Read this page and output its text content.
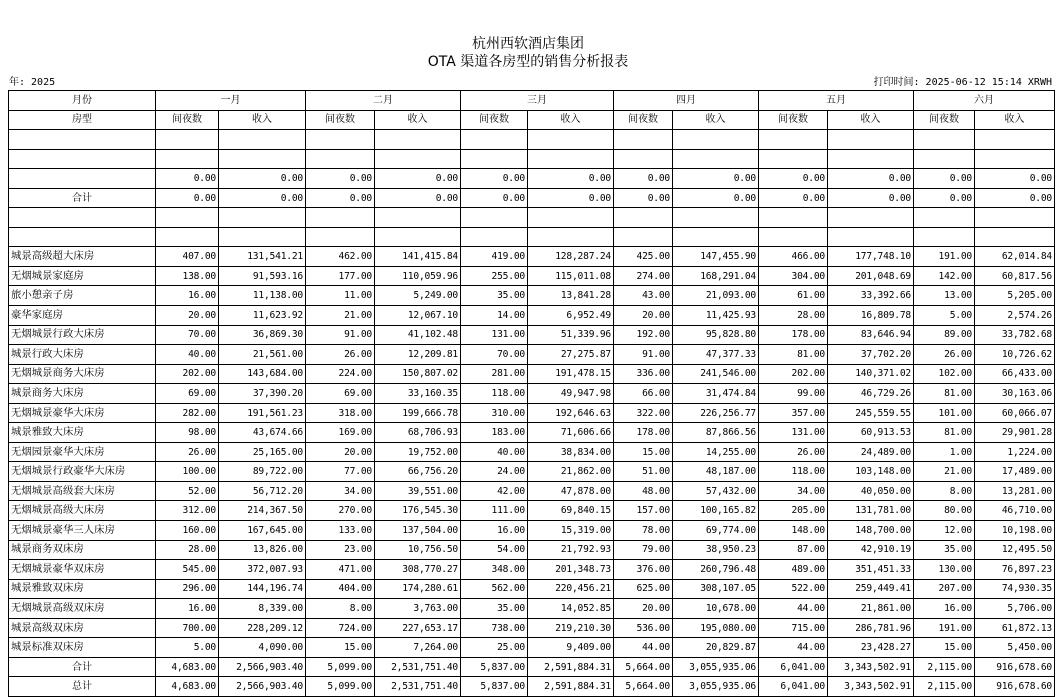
杭州西软酒店集团
OTA 渠道各房型的销售分析报表
年: 2025	打印时间: 2025-06-12 15:14 XRWH
月份	一月		二月		三月		四月		五月		六月	
房型	间夜数	收入	间夜数	收入	间夜数	收入	间夜数	收入	间夜数	收入	间夜数	收入

	0.00	0.00	0.00	0.00	0.00	0.00	0.00	0.00	0.00	0.00	0.00	0.00
合计	0.00	0.00	0.00	0.00	0.00	0.00	0.00	0.00	0.00	0.00	0.00	0.00

城景高级超大床房	407.00	131,541.21	462.00	141,415.84	419.00	128,287.24	425.00	147,455.90	466.00	177,748.10	191.00	62,014.84
无烟城景家庭房	138.00	91,593.16	177.00	110,059.96	255.00	115,011.08	274.00	168,291.04	304.00	201,048.69	142.00	60,817.56
旅小憩亲子房	16.00	11,138.00	11.00	5,249.00	35.00	13,841.28	43.00	21,093.00	61.00	33,392.66	13.00	5,205.00
豪华家庭房	20.00	11,623.92	21.00	12,067.10	14.00	6,952.49	20.00	11,425.93	28.00	16,809.78	5.00	2,574.26
无烟城景行政大床房	70.00	36,869.30	91.00	41,102.48	131.00	51,339.96	192.00	95,828.80	178.00	83,646.94	89.00	33,782.68
城景行政大床房	40.00	21,561.00	26.00	12,209.81	70.00	27,275.87	91.00	47,377.33	81.00	37,702.20	26.00	10,726.62
无烟城景商务大床房	202.00	143,684.00	224.00	150,807.02	281.00	191,478.15	336.00	241,546.00	202.00	140,371.02	102.00	66,433.00
城景商务大床房	69.00	37,390.20	69.00	33,160.35	118.00	49,947.98	66.00	31,474.84	99.00	46,729.26	81.00	30,163.06
无烟城景豪华大床房	282.00	191,561.23	318.00	199,666.78	310.00	192,646.63	322.00	226,256.77	357.00	245,559.55	101.00	60,066.07
城景雅致大床房	98.00	43,674.66	169.00	68,706.93	183.00	71,606.66	178.00	87,866.56	131.00	60,913.53	81.00	29,901.28
无烟园景豪华大床房	26.00	25,165.00	20.00	19,752.00	40.00	38,834.00	15.00	14,255.00	26.00	24,489.00	1.00	1,224.00
无烟城景行政豪华大床房	100.00	89,722.00	77.00	66,756.20	24.00	21,862.00	51.00	48,187.00	118.00	103,148.00	21.00	17,489.00
无烟城景高级套大床房	52.00	56,712.20	34.00	39,551.00	42.00	47,878.00	48.00	57,432.00	34.00	40,050.00	8.00	13,281.00
无烟城景高级大床房	312.00	214,367.50	270.00	176,545.30	111.00	69,840.15	157.00	100,165.82	205.00	131,781.00	80.00	46,710.00
无烟城景豪华三人床房	160.00	167,645.00	133.00	137,504.00	16.00	15,319.00	78.00	69,774.00	148.00	148,700.00	12.00	10,198.00
城景商务双床房	28.00	13,826.00	23.00	10,756.50	54.00	21,792.93	79.00	38,950.23	87.00	42,910.19	35.00	12,495.50
无烟城景豪华双床房	545.00	372,007.93	471.00	308,770.27	348.00	201,348.73	376.00	260,796.48	489.00	351,451.33	130.00	76,897.23
城景雅致双床房	296.00	144,196.74	404.00	174,280.61	562.00	220,456.21	625.00	308,107.05	522.00	259,449.41	207.00	74,930.35
无烟城景高级双床房	16.00	8,339.00	8.00	3,763.00	35.00	14,052.85	20.00	10,678.00	44.00	21,861.00	16.00	5,706.00
城景高级双床房	700.00	228,209.12	724.00	227,653.17	738.00	219,210.30	536.00	195,080.00	715.00	286,781.96	191.00	61,872.13
城景标准双床房	5.00	4,090.00	15.00	7,264.00	25.00	9,409.00	44.00	20,829.87	44.00	23,428.27	15.00	5,450.00
合计	4,683.00	2,566,903.40	5,099.00	2,531,751.40	5,837.00	2,591,884.31	5,664.00	3,055,935.06	6,041.00	3,343,502.91	2,115.00	916,678.60
总计	4,683.00	2,566,903.40	5,099.00	2,531,751.40	5,837.00	2,591,884.31	5,664.00	3,055,935.06	6,041.00	3,343,502.91	2,115.00	916,678.60
